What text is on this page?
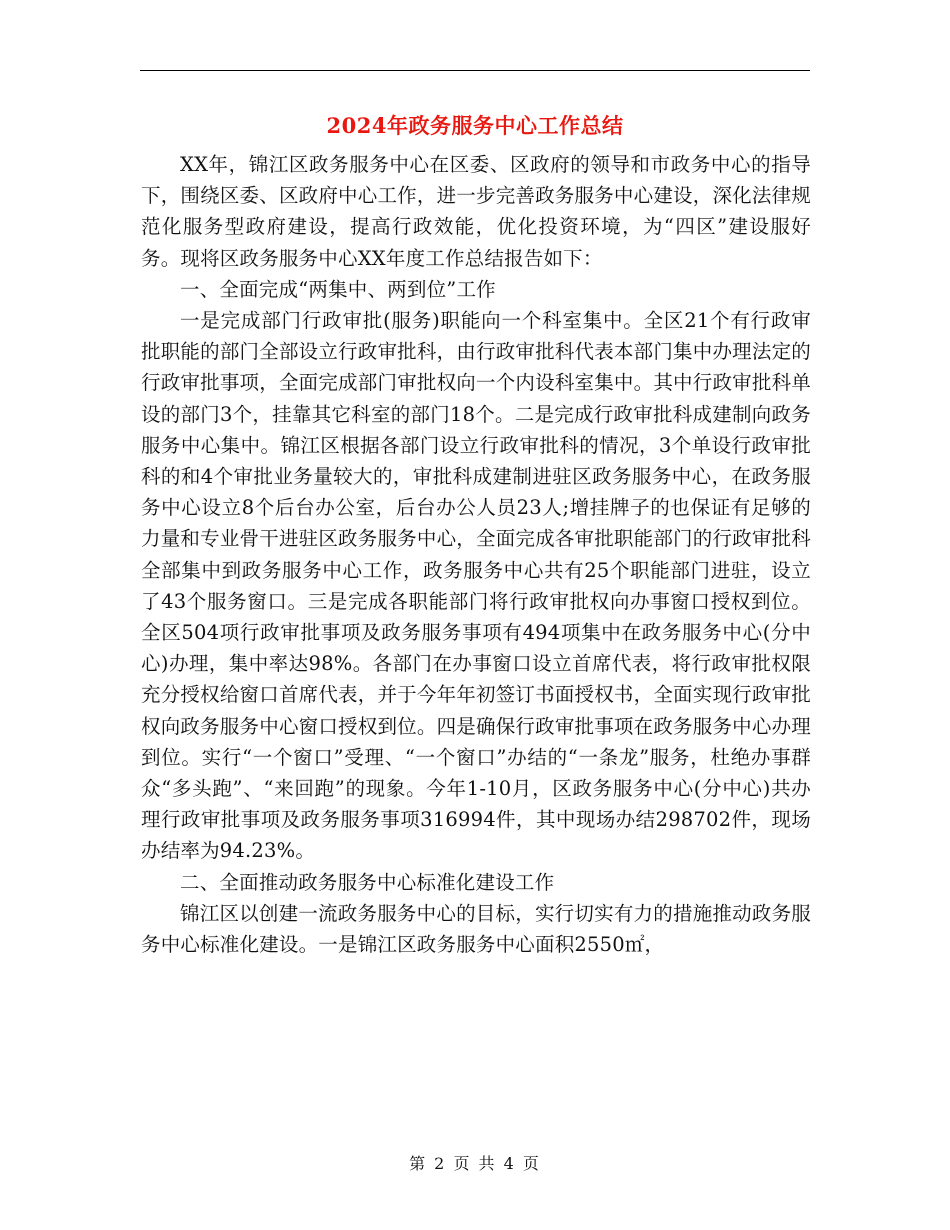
2024年政务服务中心工作总结

XX年，锦江区政务服务中心在区委、区政府的领导和市政务中心的指导下，围绕区委、区政府中心工作，进一步完善政务服务中心建设，深化法律规范化服务型政府建设，提高行政效能，优化投资环境，为“四区”建设服好务。现将区政务服务中心XX年度工作总结报告如下：

一、全面完成“两集中、两到位”工作

一是完成部门行政审批(服务)职能向一个科室集中。全区21个有行政审批职能的部门全部设立行政审批科，由行政审批科代表本部门集中办理法定的行政审批事项，全面完成部门审批权向一个内设科室集中。其中行政审批科单设的部门3个，挂靠其它科室的部门18个。二是完成行政审批科成建制向政务服务中心集中。锦江区根据各部门设立行政审批科的情况，3个单设行政审批科的和4个审批业务量较大的，审批科成建制进驻区政务服务中心，在政务服务中心设立8个后台办公室，后台办公人员23人;增挂牌子的也保证有足够的力量和专业骨干进驻区政务服务中心，全面完成各审批职能部门的行政审批科全部集中到政务服务中心工作，政务服务中心共有25个职能部门进驻，设立了43个服务窗口。三是完成各职能部门将行政审批权向办事窗口授权到位。全区504项行政审批事项及政务服务事项有494项集中在政务服务中心(分中心)办理，集中率达98%。各部门在办事窗口设立首席代表，将行政审批权限充分授权给窗口首席代表，并于今年年初签订书面授权书，全面实现行政审批权向政务服务中心窗口授权到位。四是确保行政审批事项在政务服务中心办理到位。实行“一个窗口”受理、“一个窗口”办结的“一条龙”服务，杜绝办事群众“多头跑”、“来回跑”的现象。今年1-10月，区政务服务中心(分中心)共办理行政审批事项及政务服务事项316994件，其中现场办结298702件，现场办结率为94.23%。

二、全面推动政务服务中心标准化建设工作

锦江区以创建一流政务服务中心的目标，实行切实有力的措施推动政务服务中心标准化建设。一是锦江区政务服务中心面积2550㎡，

第 2 页 共 4 页
